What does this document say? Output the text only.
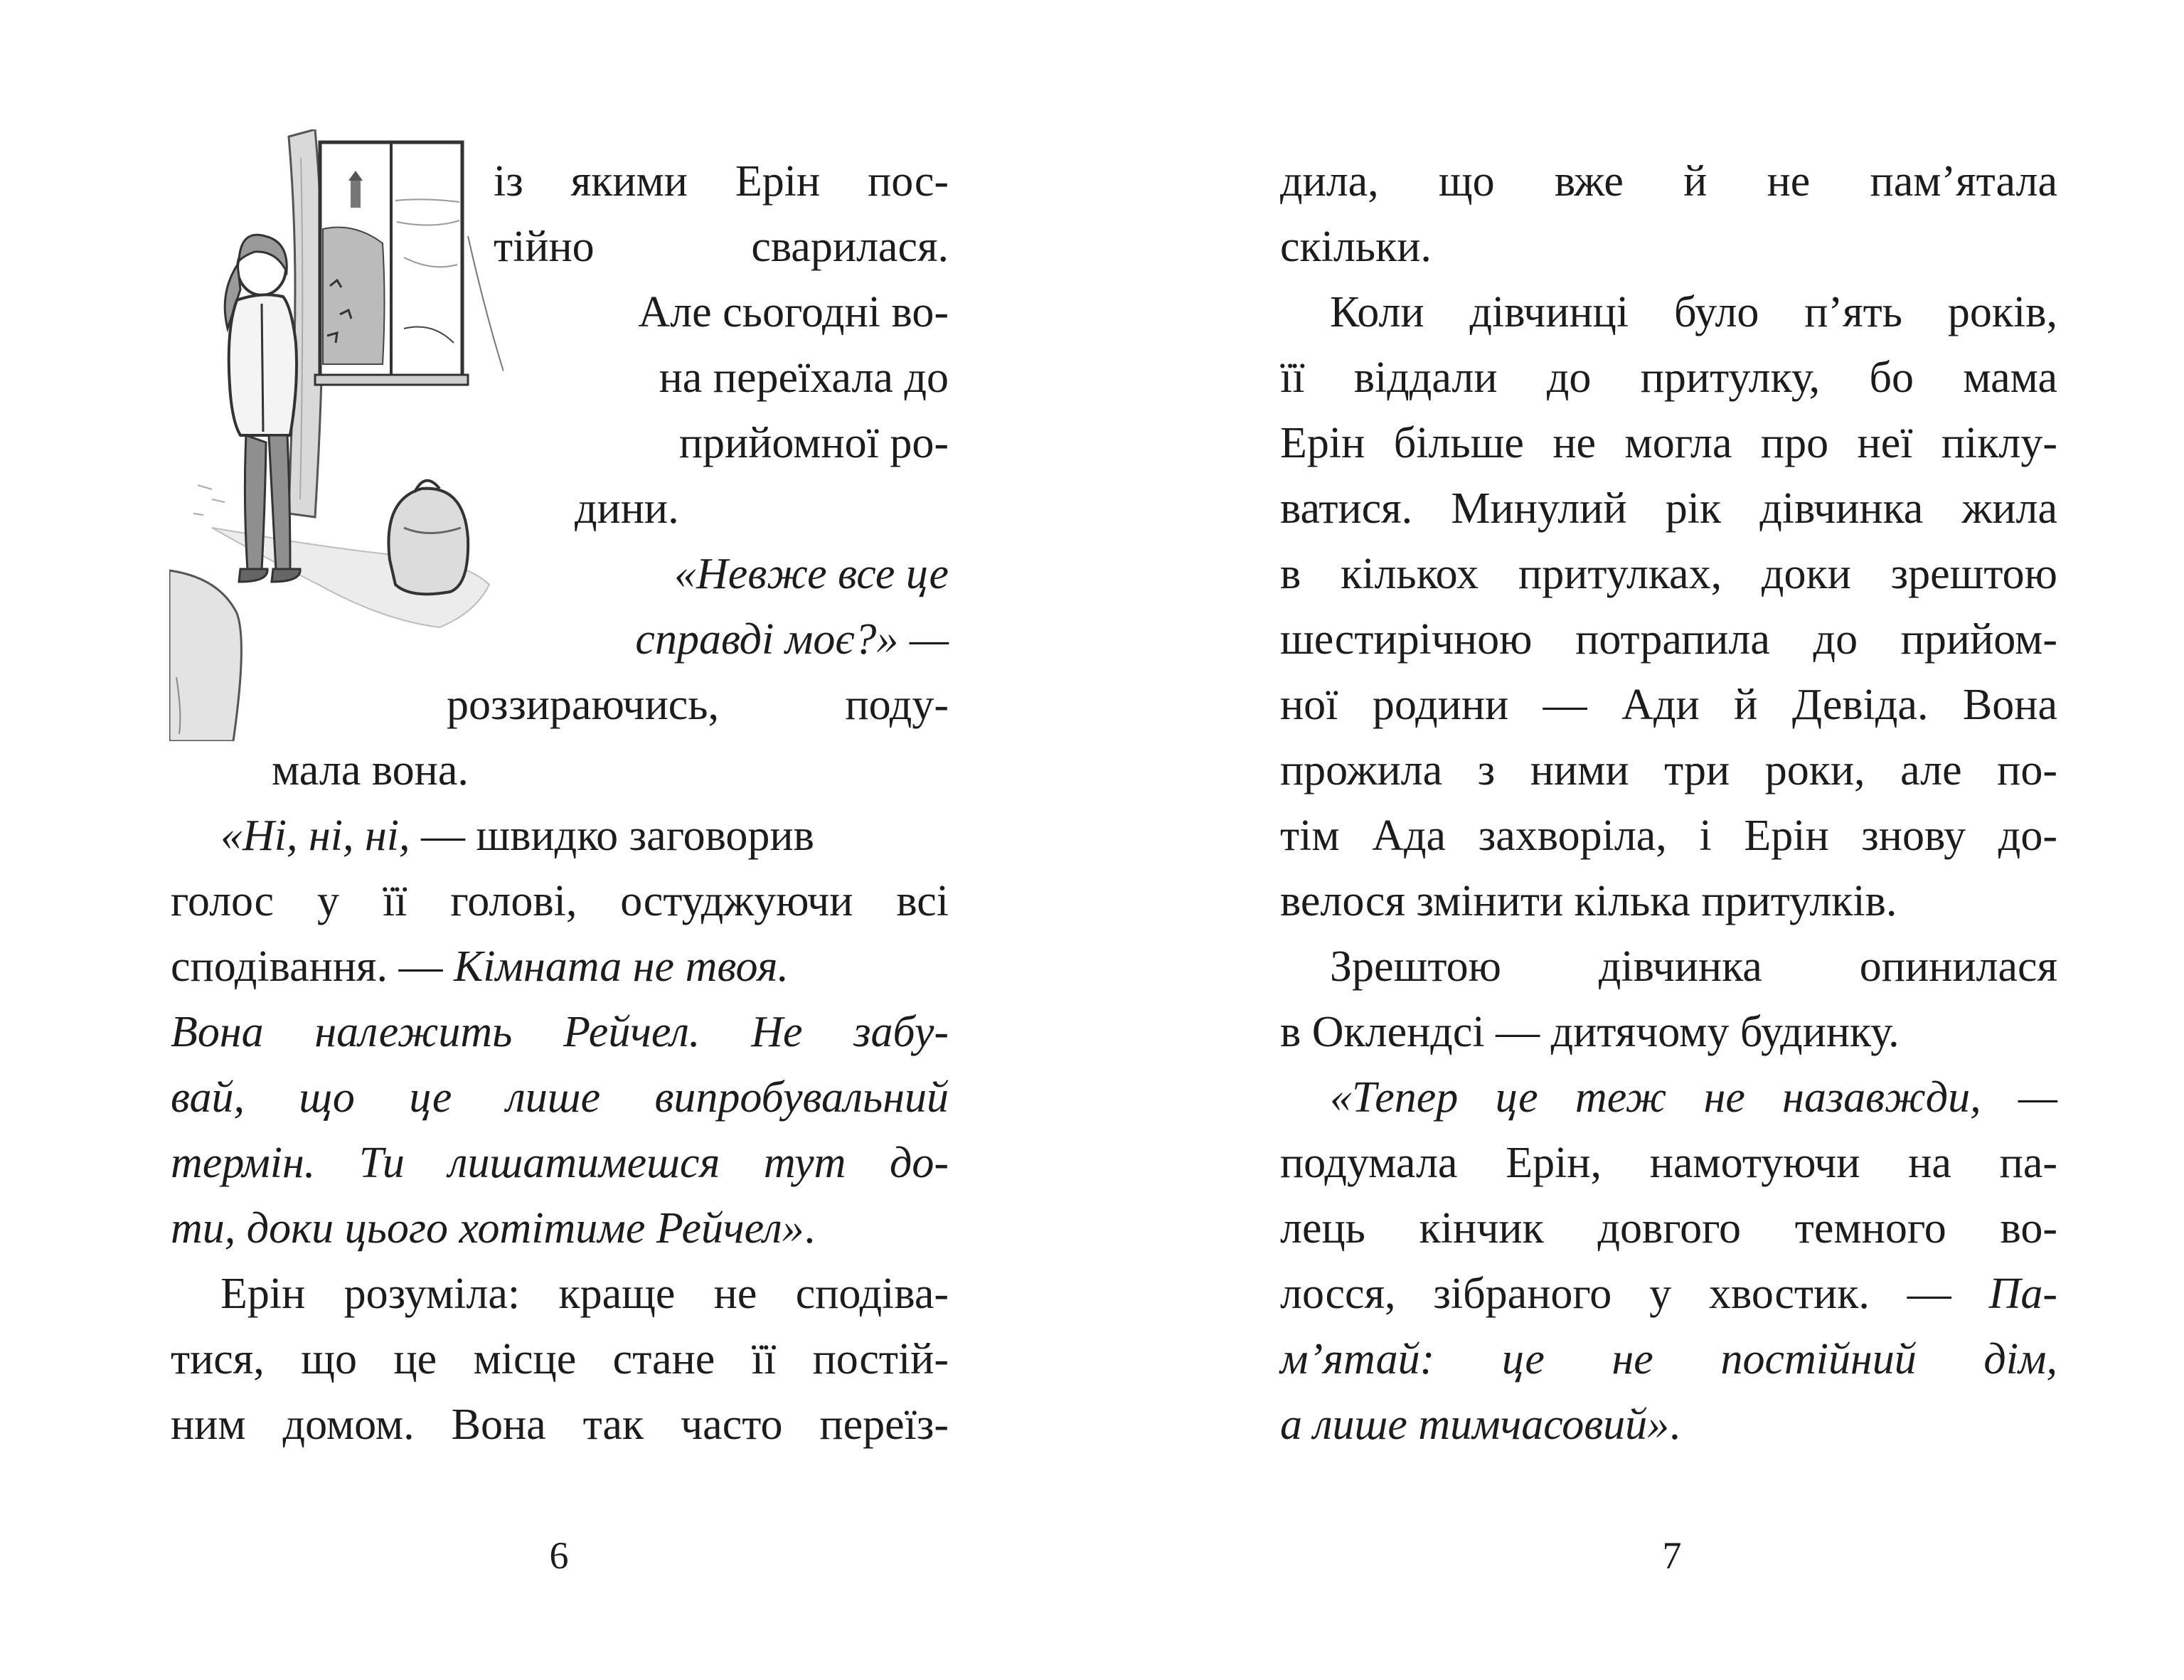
із якими Ерін пос-

тійно сварилася.

Але сьогодні во-

на переїхала до

прийомної ро-

дини.

«Невже все це

справді моє?» —

роззираючись, поду-

мала вона.

«Ні, ні, ні, — швидко заговорив

голос у її голові, остуджуючи всі

сподівання. — Кімната не твоя.

Вона належить Рейчел. Не забу-

вай, що це лише випробувальний

термін. Ти лишатимешся тут до-

ти, доки цього хотітиме Рейчел».

Ерін розуміла: краще не сподіва-

тися, що це місце стане її постій-

ним домом. Вона так часто переїз-

6

дила, що вже й не пам’ятала

скільки.

Коли дівчинці було п’ять років,

її віддали до притулку, бо мама

Ерін більше не могла про неї піклу-

ватися. Минулий рік дівчинка жила

в кількох притулках, доки зрештою

шестирічною потрапила до прийом-

ної родини — Ади й Девіда. Вона

прожила з ними три роки, але по-

тім Ада захворіла, і Ерін знову до-

велося змінити кілька притулків.

Зрештою дівчинка опинилася

в Оклендсі — дитячому будинку.

«Тепер це теж не назавжди, —

подумала Ерін, намотуючи на па-

лець кінчик довгого темного во-

лосся, зібраного у хвостик. — Па-

м’ятай: це не постійний дім,

а лише тимчасовий».

7
